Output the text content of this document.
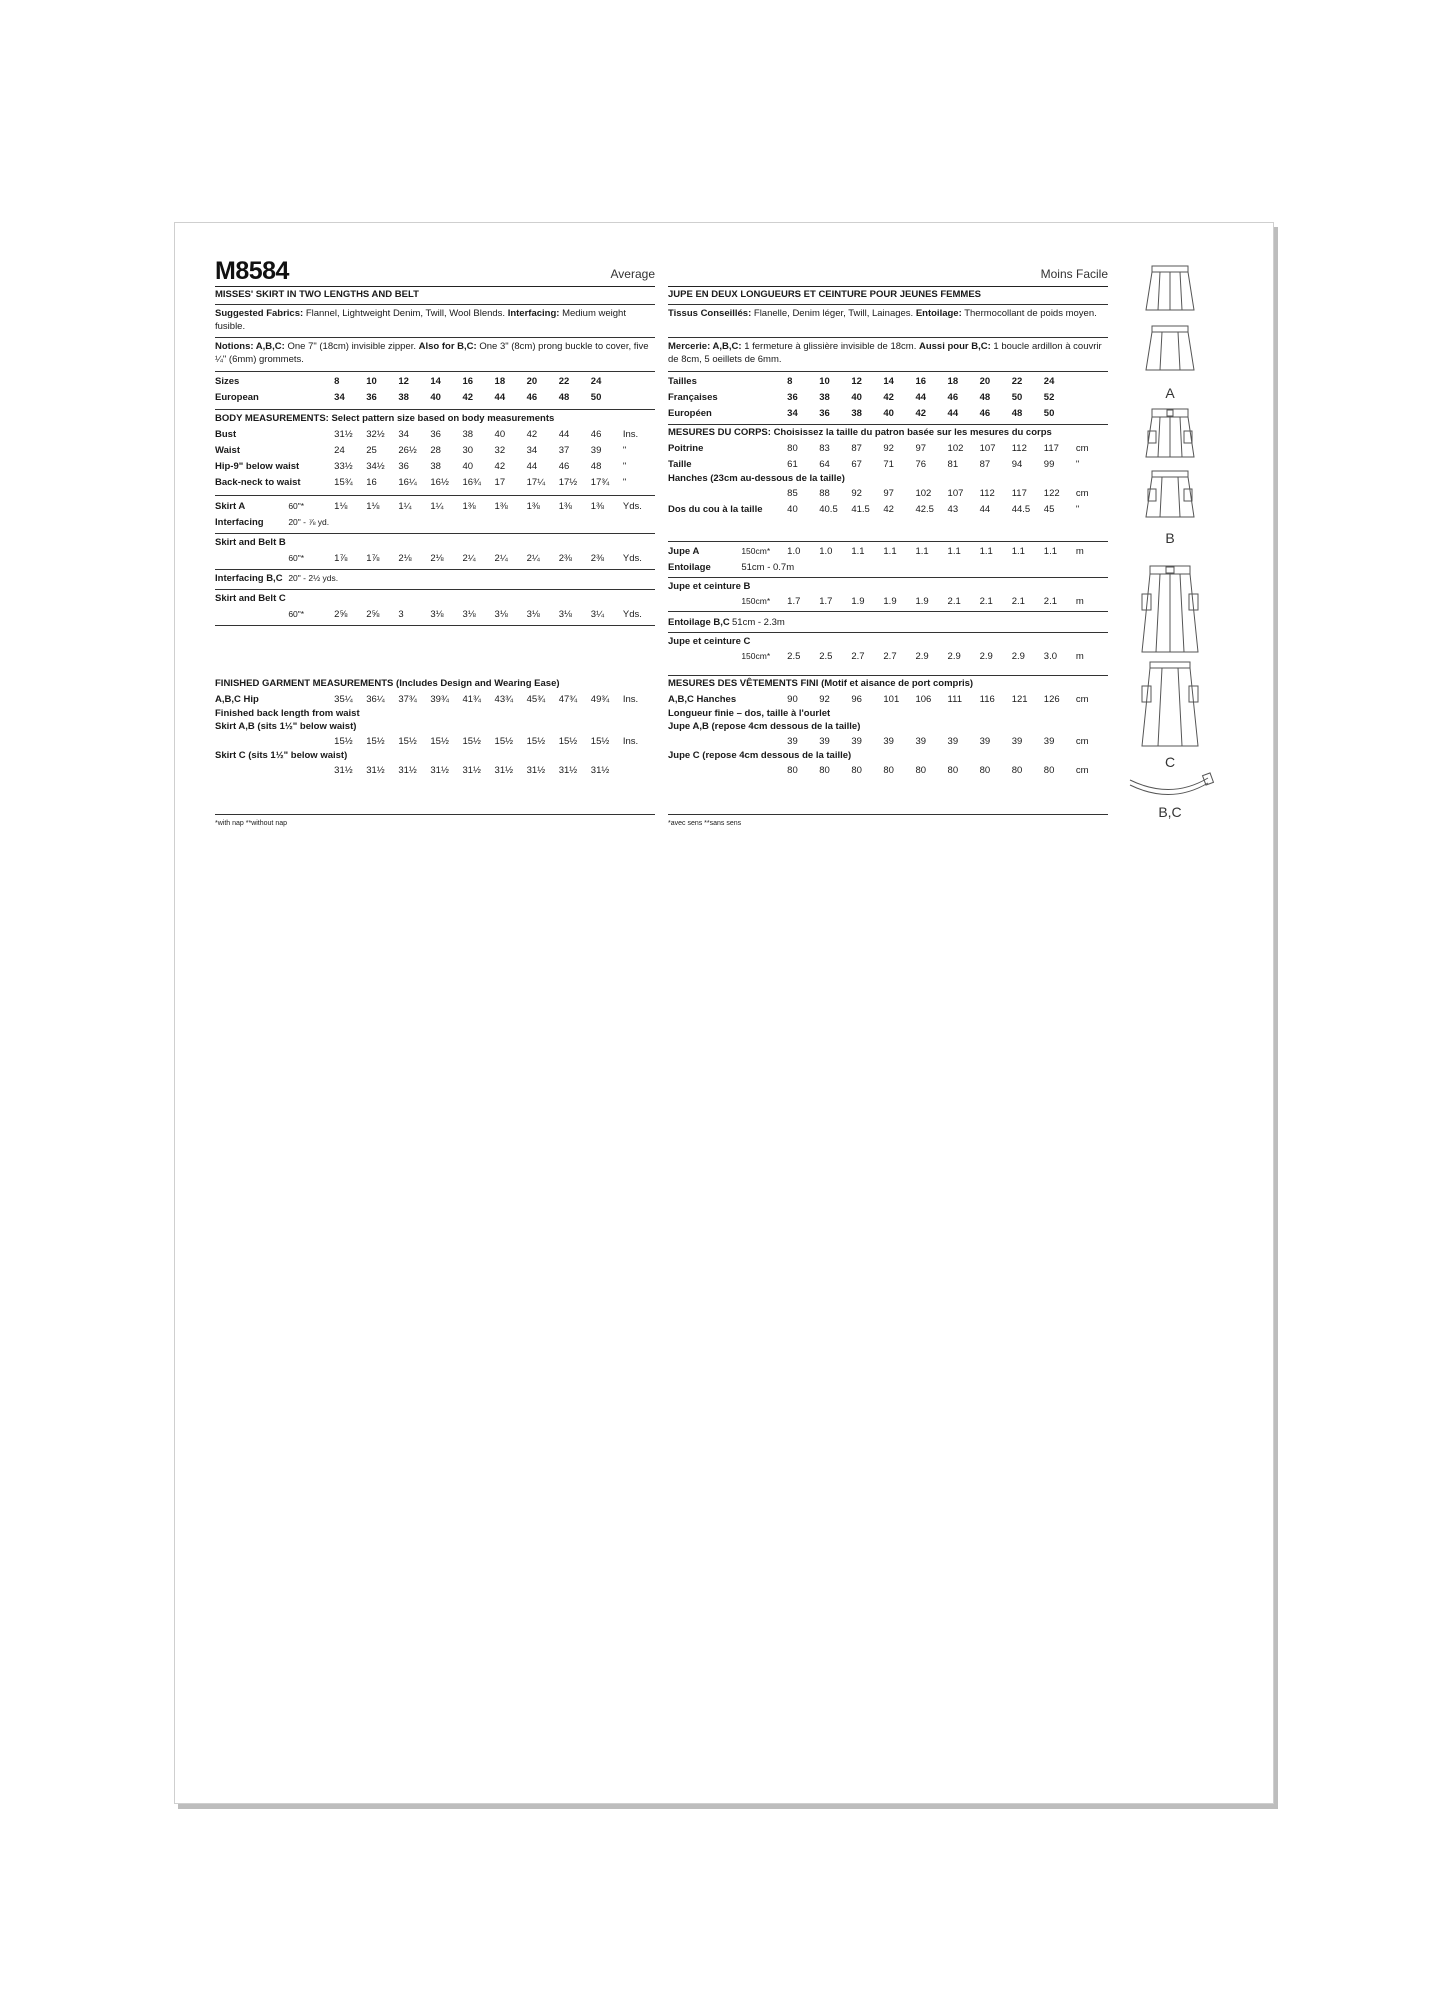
M8584	Average	Moins Facile
MISSES' SKIRT IN TWO LENGTHS AND BELT
Suggested Fabrics: Flannel, Lightweight Denim, Twill, Wool Blends. Interfacing: Medium weight fusible.
Notions: A,B,C: One 7" (18cm) invisible zipper. Also for B,C: One 3" (8cm) prong buckle to cover, five ¼" (6mm) grommets.
Sizes		8	10	12	14	16	18	20	22	24	
European		34	36	38	40	42	44	46	48	50	
BODY MEASUREMENTS: Select pattern size based on body measurements
Bust		31½	32½	34	36	38	40	42	44	46	Ins.
Waist		24	25	26½	28	30	32	34	37	39	"
Hip-9" below waist		33½	34½	36	38	40	42	44	46	48	"
Back-neck to waist		15¾	16	16¼	16½	16¾	17	17¼	17½	17¾	"
Skirt A	60"*	1⅛	1⅛	1¼	1¼	1⅜	1⅜	1⅜	1⅜	1⅜	Yds.
Interfacing	20" - ⅞ yd.										

Skirt and Belt B											
	60"*	1⅞	1⅞	2⅛	2⅛	2¼	2¼	2¼	2⅜	2⅜	Yds.

Interfacing B,C	20" - 2½ yds.										

Skirt and Belt C											
	60"*	2⅝	2⅝	3	3⅛	3⅛	3⅛	3⅛	3⅛	3¼	Yds.

FINISHED GARMENT MEASUREMENTS (Includes Design and Wearing Ease)
A,B,C Hip		35¼	36¼	37¾	39¾	41¾	43¾	45¾	47¾	49¾	Ins.
Finished back length from waist
Skirt A,B (sits 1½" below waist)
		15½	15½	15½	15½	15½	15½	15½	15½	15½	Ins.
Skirt C (sits 1½" below waist)
		31½	31½	31½	31½	31½	31½	31½	31½	31½	
*with nap **without nap
JUPE EN DEUX LONGUEURS ET CEINTURE POUR JEUNES FEMMES
Tissus Conseillés: Flanelle, Denim léger, Twill, Lainages. Entoilage: Thermocollant de poids moyen.
Mercerie: A,B,C: 1 fermeture à glissière invisible de 18cm. Aussi pour B,C: 1 boucle ardillon à couvrir de 8cm, 5 oeillets de 6mm.
Tailles		8	10	12	14	16	18	20	22	24	
Françaises		36	38	40	42	44	46	48	50	52	
Européen		34	36	38	40	42	44	46	48	50	
MESURES DU CORPS: Choisissez la taille du patron basée sur les mesures du corps
Poitrine		80	83	87	92	97	102	107	112	117	cm
Taille		61	64	67	71	76	81	87	94	99	"
Hanches (23cm au-dessous de la taille)
		85	88	92	97	102	107	112	117	122	cm
Dos du cou à la taille		40	40.5	41.5	42	42.5	43	44	44.5	45	"
Jupe A	150cm*	1.0	1.0	1.1	1.1	1.1	1.1	1.1	1.1	1.1	m
Entoilage	51cm - 0.7m										
Jupe et ceinture B
	150cm*	1.7	1.7	1.9	1.9	1.9	2.1	2.1	2.1	2.1	m
Entoilage B,C	51cm - 2.3m
Jupe et ceinture C
	150cm*	2.5	2.5	2.7	2.7	2.9	2.9	2.9	2.9	3.0	m
MESURES DES VÊTEMENTS FINI (Motif et aisance de port compris)
A,B,C Hanches		90	92	96	101	106	111	116	121	126	cm
Longueur finie – dos, taille à l'ourlet
Jupe A,B (repose 4cm dessous de la taille)
		39	39	39	39	39	39	39	39	39	cm
Jupe C (repose 4cm dessous de la taille)
		80	80	80	80	80	80	80	80	80	cm
*avec sens **sans sens
A
B
C
B,C
